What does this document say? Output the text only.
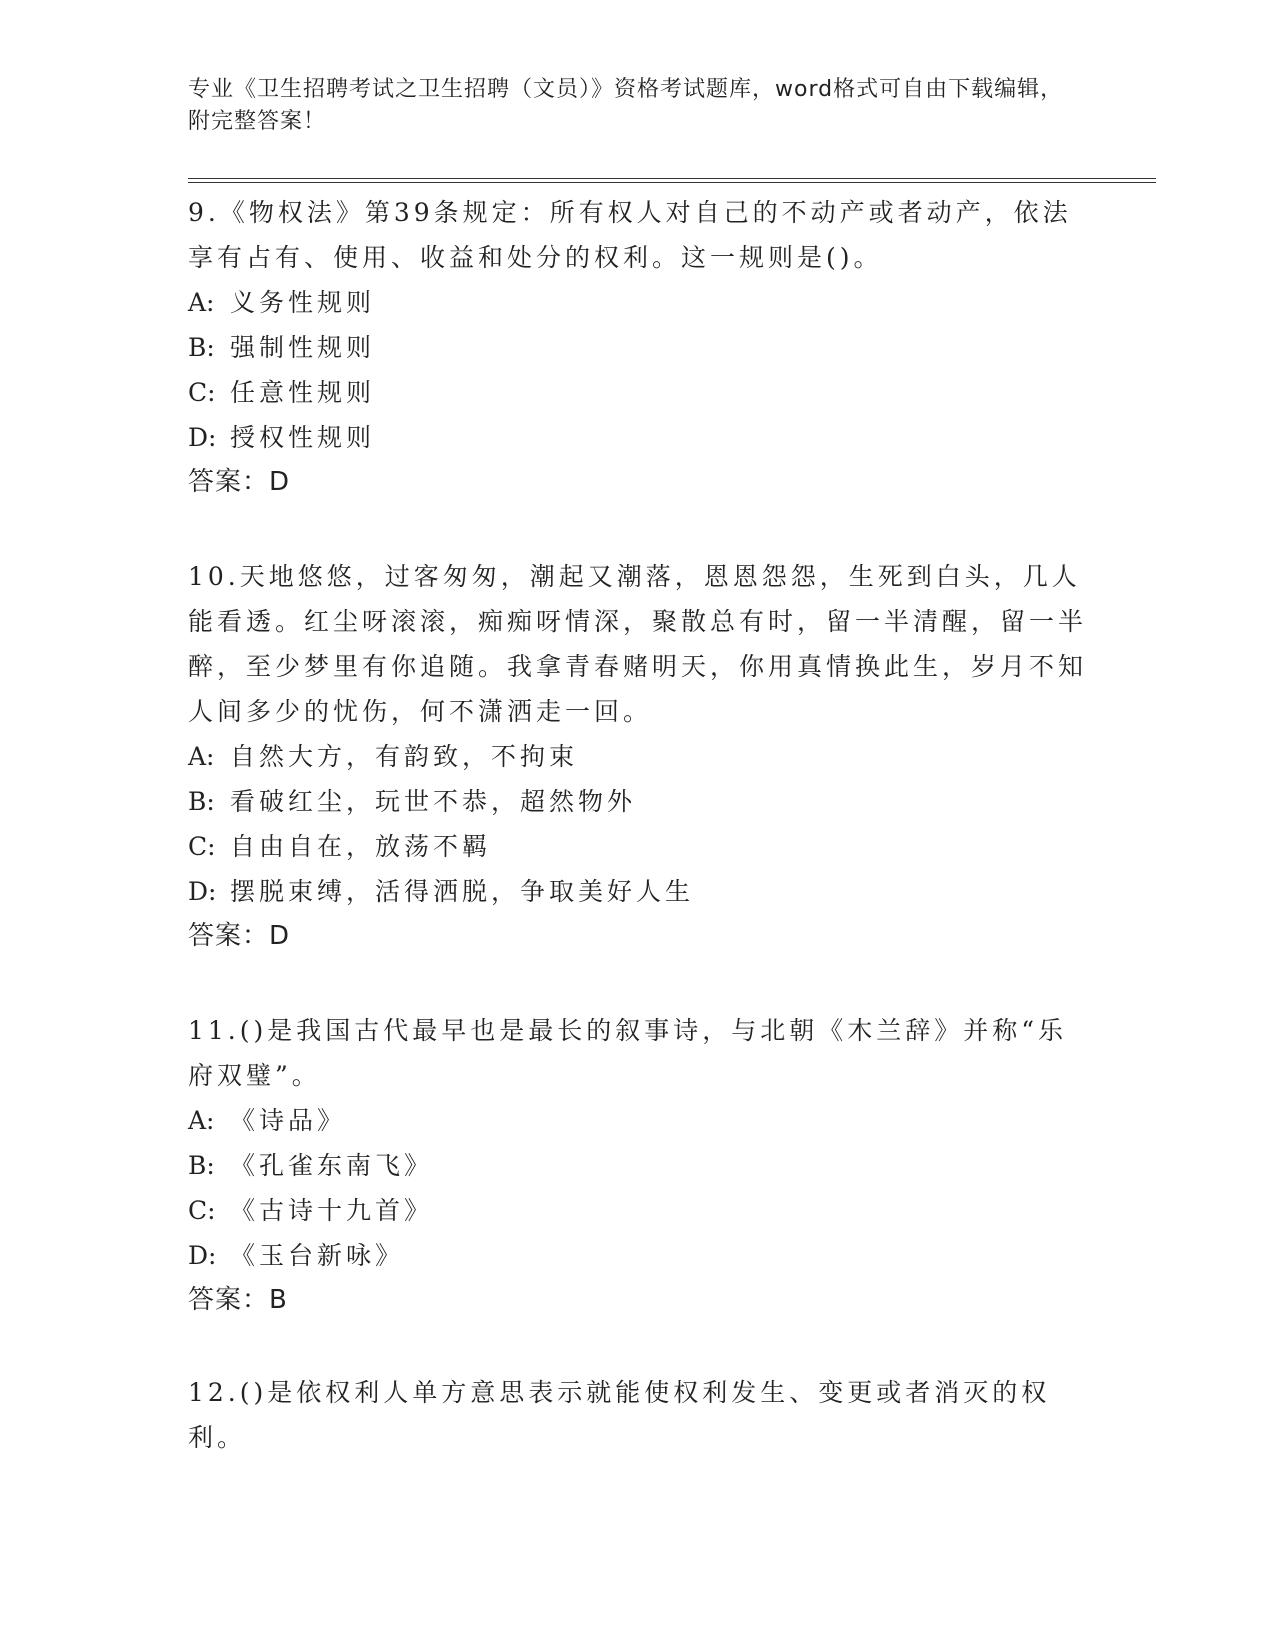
专业《卫生招聘考试之卫生招聘（文员）》资格考试题库，word格式可自由下载编辑，附完整答案！

9.《物权法》第39条规定：所有权人对自己的不动产或者动产，依法享有占有、使用、收益和处分的权利。这一规则是()。

A: 义务性规则

B: 强制性规则

C: 任意性规则

D: 授权性规则

答案：D

10.天地悠悠，过客匆匆，潮起又潮落，恩恩怨怨，生死到白头，几人能看透。红尘呀滚滚，痴痴呀情深，聚散总有时，留一半清醒，留一半醉，至少梦里有你追随。我拿青春赌明天，你用真情换此生，岁月不知人间多少的忧伤，何不潇洒走一回。

A: 自然大方，有韵致，不拘束

B: 看破红尘，玩世不恭，超然物外

C: 自由自在，放荡不羁

D: 摆脱束缚，活得洒脱，争取美好人生

答案：D

11.()是我国古代最早也是最长的叙事诗，与北朝《木兰辞》并称“乐府双璧”。

A: 《诗品》

B: 《孔雀东南飞》

C: 《古诗十九首》

D: 《玉台新咏》

答案：B

12.()是依权利人单方意思表示就能使权利发生、变更或者消灭的权利。
